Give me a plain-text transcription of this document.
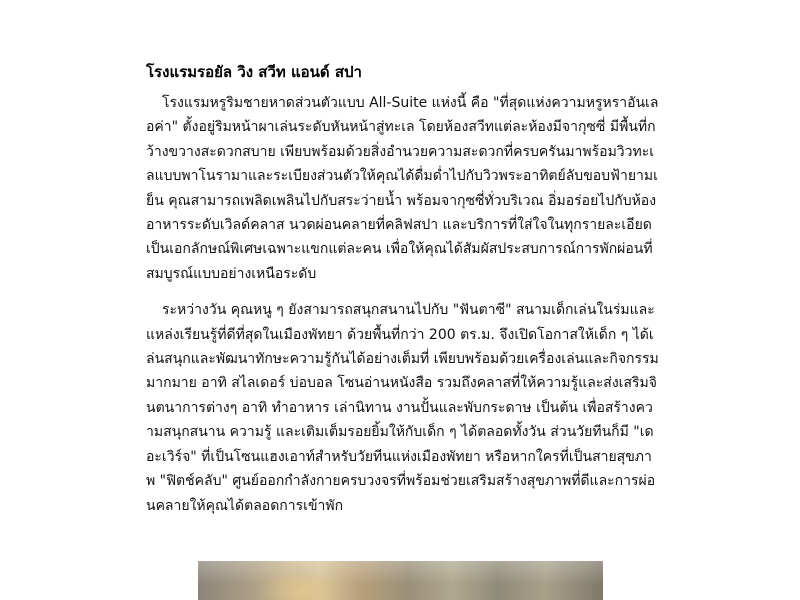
โรงแรมรอยัล วิง สวีท แอนด์ สปา

โรงแรมหรูริมชายหาดส่วนตัวแบบ All-Suite แห่งนี้ คือ "ที่สุดแห่งความหรูหราอันเลอค่า" ตั้งอยู่ริมหน้าผาเล่นระดับหันหน้าสู่ทะเล โดยห้องสวีทแต่ละห้องมีจากุซซี่ มีพื้นที่กว้างขวางสะดวกสบาย เพียบพร้อมด้วยสิ่งอำนวยความสะดวกที่ครบครันมาพร้อมวิวทะเลแบบพาโนรามาและระเบียงส่วนตัวให้คุณได้ดื่มด่ำไปกับวิวพระอาทิตย์ลับขอบฟ้ายามเย็น คุณสามารถเพลิดเพลินไปกับสระว่ายน้ำ พร้อมจากุซซี่ทั่วบริเวณ อิ่มอร่อยไปกับห้องอาหารระดับเวิลด์คลาส นวดผ่อนคลายที่คลิฟสปา และบริการที่ใส่ใจในทุกรายละเอียด เป็นเอกลักษณ์พิเศษเฉพาะแขกแต่ละคน เพื่อให้คุณได้สัมผัสประสบการณ์การพักผ่อนที่สมบูรณ์แบบอย่างเหนือระดับ

ระหว่างวัน คุณหนู ๆ ยังสามารถสนุกสนานไปกับ "ฟันตาซี" สนามเด็กเล่นในร่มและแหล่งเรียนรู้ที่ดีที่สุดในเมืองพัทยา ด้วยพื้นที่กว่า 200 ตร.ม. จึงเปิดโอกาสให้เด็ก ๆ ได้เล่นสนุกและพัฒนาทักษะความรู้กันได้อย่างเต็มที่ เพียบพร้อมด้วยเครื่องเล่นและกิจกรรมมากมาย อาทิ สไลเดอร์ บ่อบอล โซนอ่านหนังสือ รวมถึงคลาสที่ให้ความรู้และส่งเสริมจินตนาการต่างๆ อาทิ ทำอาหาร เล่านิทาน งานปั้นและพับกระดาษ เป็นต้น เพื่อสร้างความสนุกสนาน ความรู้ และเติมเต็มรอยยิ้มให้กับเด็ก ๆ ได้ตลอดทั้งวัน ส่วนวัยทีนก็มี "เดอะเวิร์จ" ที่เป็นโซนแฮงเอาท์สำหรับวัยทีนแห่งเมืองพัทยา หรือหากใครที่เป็นสายสุขภาพ "ฟิตช์คลับ" ศูนย์ออกกำลังกายครบวงจรที่พร้อมช่วยเสริมสร้างสุขภาพที่ดีและการผ่อนคลายให้คุณได้ตลอดการเข้าพัก
